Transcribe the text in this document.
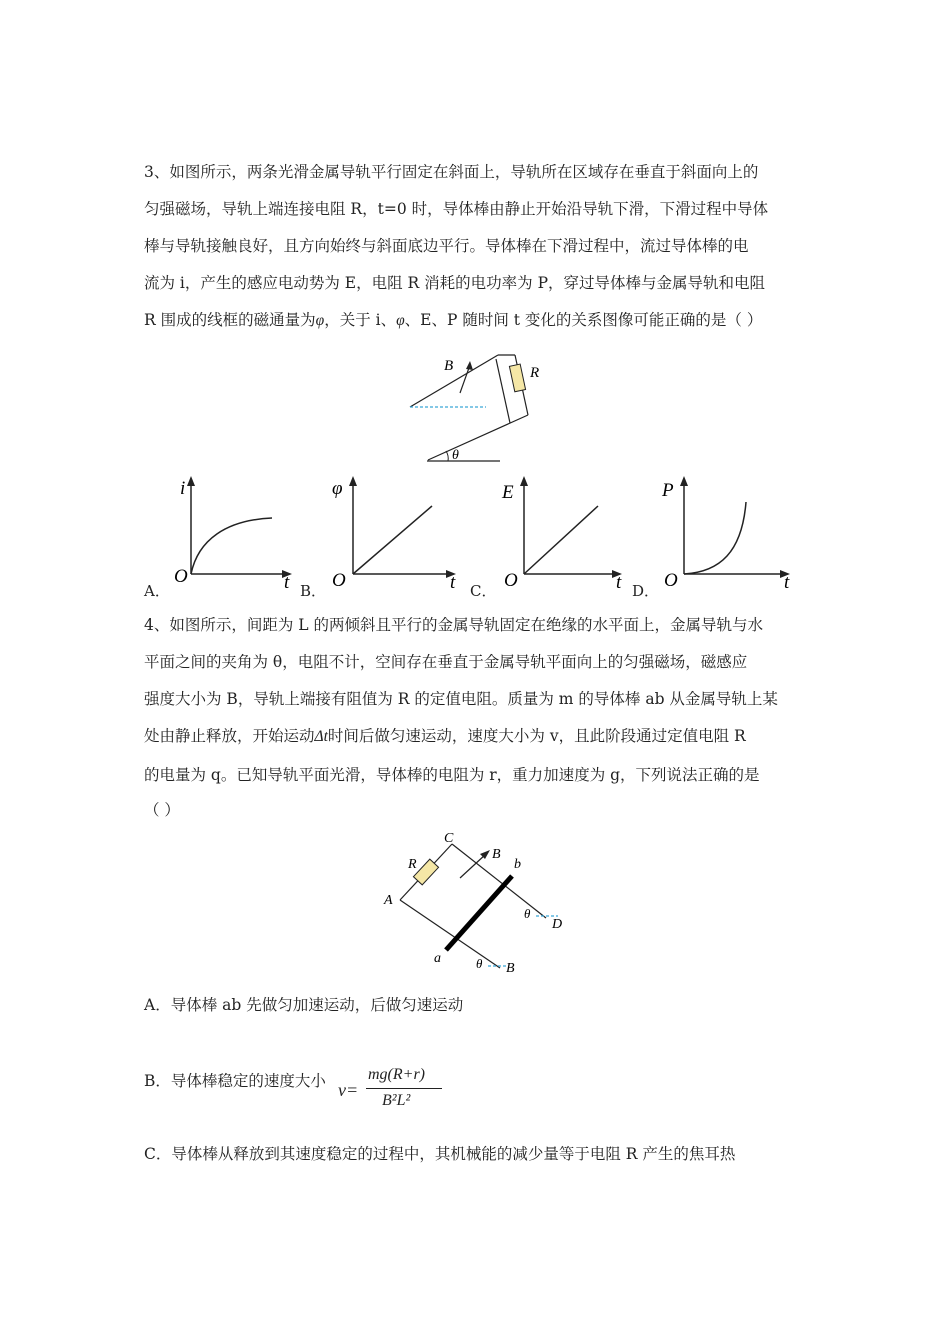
3、如图所示，两条光滑金属导轨平行固定在斜面上，导轨所在区域存在垂直于斜面向上的
匀强磁场，导轨上端连接电阻 R，t=0 时，导体棒由静止开始沿导轨下滑，下滑过程中导体
棒与导轨接触良好，且方向始终与斜面底边平行。导体棒在下滑过程中，流过导体棒的电
流为 i，产生的感应电动势为 E，电阻 R 消耗的电功率为 P，穿过导体棒与金属导轨和电阻
R 围成的线框的磁通量为φ，关于 i、φ、E、P 随时间 t 变化的关系图像可能正确的是（ ）
B	R
θ
A．
i
O	t B．
φ
O	t C．
E
O	t D．
P
O	t
4、如图所示，间距为 L 的两倾斜且平行的金属导轨固定在绝缘的水平面上，金属导轨与水
平面之间的夹角为 θ，电阻不计，空间存在垂直于金属导轨平面向上的匀强磁场，磁感应
强度大小为 B，导轨上端接有阻值为 R 的定值电阻。质量为 m 的导体棒 ab 从金属导轨上某
处由静止释放，开始运动Δt时间后做匀速运动，速度大小为 v，且此阶段通过定值电阻 R
的电量为 q。已知导轨平面光滑，导体棒的电阻为 r，重力加速度为 g，下列说法正确的是
（ ）
C
B
b
R
A
θ
D
a	θ B
A．导体棒 ab 先做匀加速运动，后做匀速运动
B．导体棒稳定的速度大小 v=
mg(R+r)
B²L²
C．导体棒从释放到其速度稳定的过程中，其机械能的减少量等于电阻 R 产生的焦耳热
